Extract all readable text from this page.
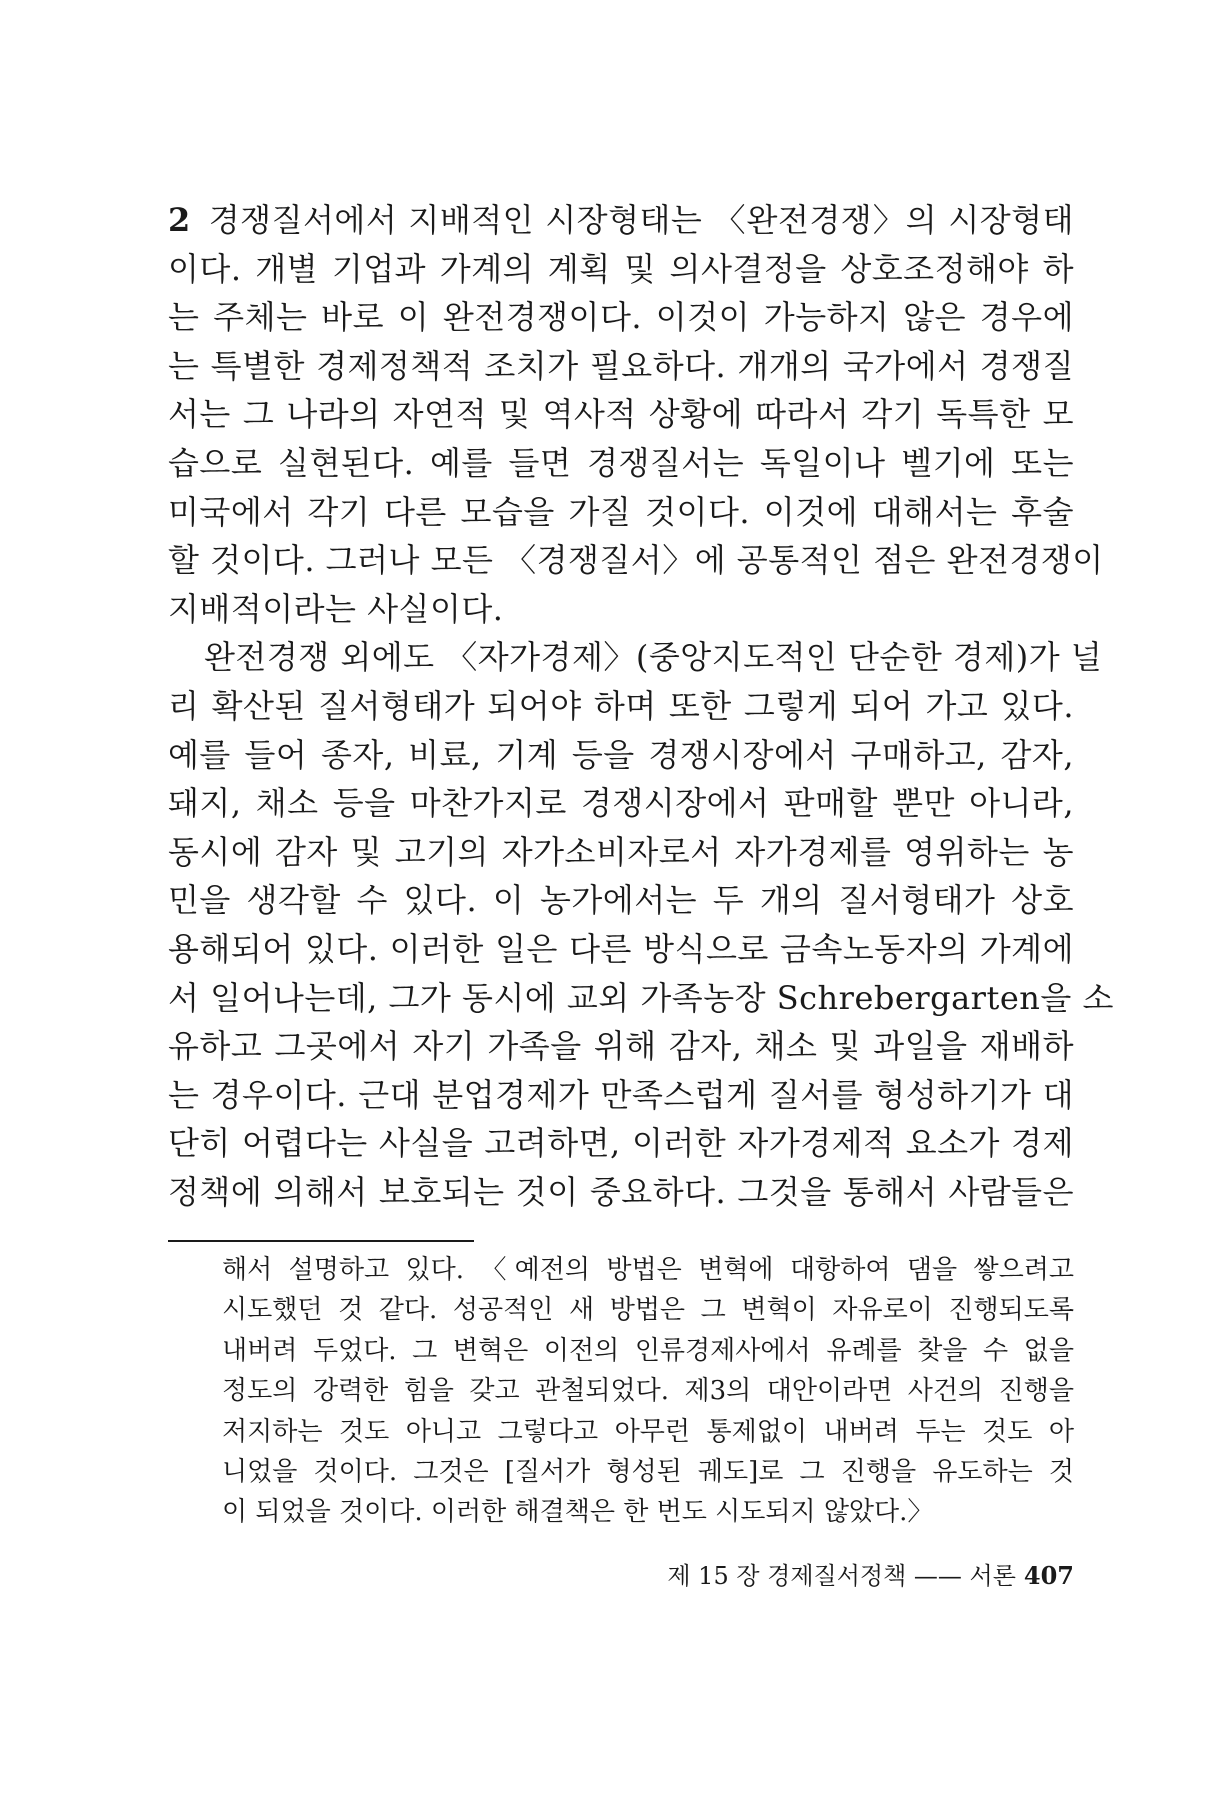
2 경쟁질서에서 지배적인 시장형태는 〈완전경쟁〉의 시장형태
이다. 개별 기업과 가계의 계획 및 의사결정을 상호조정해야 하
는 주체는 바로 이 완전경쟁이다. 이것이 가능하지 않은 경우에
는 특별한 경제정책적 조치가 필요하다. 개개의 국가에서 경쟁질
서는 그 나라의 자연적 및 역사적 상황에 따라서 각기 독특한 모
습으로 실현된다. 예를 들면 경쟁질서는 독일이나 벨기에 또는
미국에서 각기 다른 모습을 가질 것이다. 이것에 대해서는 후술
할 것이다. 그러나 모든 〈경쟁질서〉에 공통적인 점은 완전경쟁이
지배적이라는 사실이다.
완전경쟁 외에도 〈자가경제〉(중앙지도적인 단순한 경제)가 널
리 확산된 질서형태가 되어야 하며 또한 그렇게 되어 가고 있다.
예를 들어 종자, 비료, 기계 등을 경쟁시장에서 구매하고, 감자,
돼지, 채소 등을 마찬가지로 경쟁시장에서 판매할 뿐만 아니라,
동시에 감자 및 고기의 자가소비자로서 자가경제를 영위하는 농
민을 생각할 수 있다. 이 농가에서는 두 개의 질서형태가 상호
용해되어 있다. 이러한 일은 다른 방식으로 금속노동자의 가계에
서 일어나는데, 그가 동시에 교외 가족농장 Schrebergarten을 소
유하고 그곳에서 자기 가족을 위해 감자, 채소 및 과일을 재배하
는 경우이다. 근대 분업경제가 만족스럽게 질서를 형성하기가 대
단히 어렵다는 사실을 고려하면, 이러한 자가경제적 요소가 경제
정책에 의해서 보호되는 것이 중요하다. 그것을 통해서 사람들은
해서 설명하고 있다. 〈예전의 방법은 변혁에 대항하여 댐을 쌓으려고
시도했던 것 같다. 성공적인 새 방법은 그 변혁이 자유로이 진행되도록
내버려 두었다. 그 변혁은 이전의 인류경제사에서 유례를 찾을 수 없을
정도의 강력한 힘을 갖고 관철되었다. 제3의 대안이라면 사건의 진행을
저지하는 것도 아니고 그렇다고 아무런 통제없이 내버려 두는 것도 아
니었을 것이다. 그것은 [질서가 형성된 궤도]로 그 진행을 유도하는 것
이 되었을 것이다. 이러한 해결책은 한 번도 시도되지 않았다.〉
제 15 장 경제질서정책 —— 서론 407
